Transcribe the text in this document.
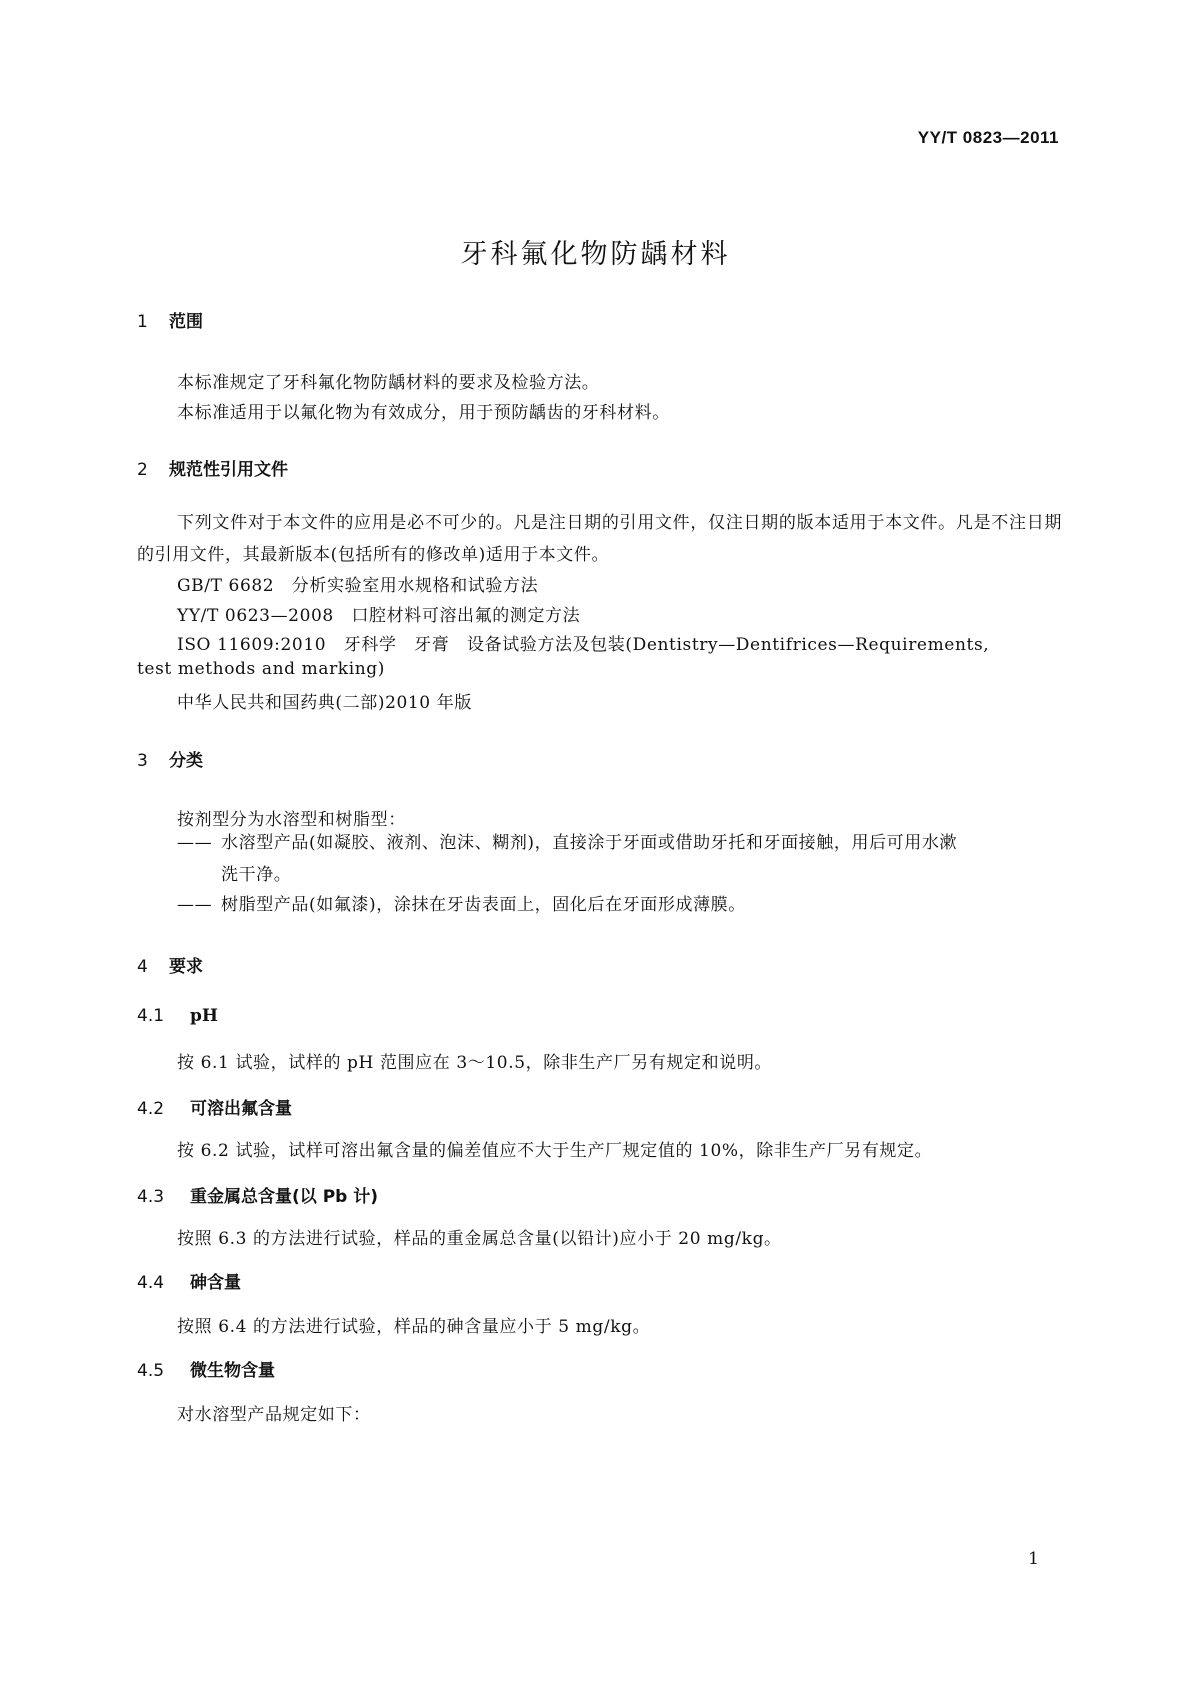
YY/T 0823—2011
牙科氟化物防龋材料
1 范围
本标准规定了牙科氟化物防龋材料的要求及检验方法。
本标准适用于以氟化物为有效成分，用于预防龋齿的牙科材料。
2 规范性引用文件
下列文件对于本文件的应用是必不可少的。凡是注日期的引用文件，仅注日期的版本适用于本文件。凡是不注日期的引用文件，其最新版本(包括所有的修改单)适用于本文件。
GB/T 6682　分析实验室用水规格和试验方法
YY/T 0623—2008　口腔材料可溶出氟的测定方法
ISO 11609:2010　牙科学　牙膏　设备试验方法及包装(Dentistry—Dentifrices—Requirements,
test methods and marking)
中华人民共和国药典(二部)2010 年版
3 分类
按剂型分为水溶型和树脂型：
—— 水溶型产品(如凝胶、液剂、泡沫、糊剂)，直接涂于牙面或借助牙托和牙面接触，用后可用水漱
洗干净。
—— 树脂型产品(如氟漆)，涂抹在牙齿表面上，固化后在牙面形成薄膜。
4 要求
4.1 pH
按 6.1 试验，试样的 pH 范围应在 3～10.5，除非生产厂另有规定和说明。
4.2 可溶出氟含量
按 6.2 试验，试样可溶出氟含量的偏差值应不大于生产厂规定值的 10%，除非生产厂另有规定。
4.3 重金属总含量(以 Pb 计)
按照 6.3 的方法进行试验，样品的重金属总含量(以铅计)应小于 20 mg/kg。
4.4 砷含量
按照 6.4 的方法进行试验，样品的砷含量应小于 5 mg/kg。
4.5 微生物含量
对水溶型产品规定如下：
1
